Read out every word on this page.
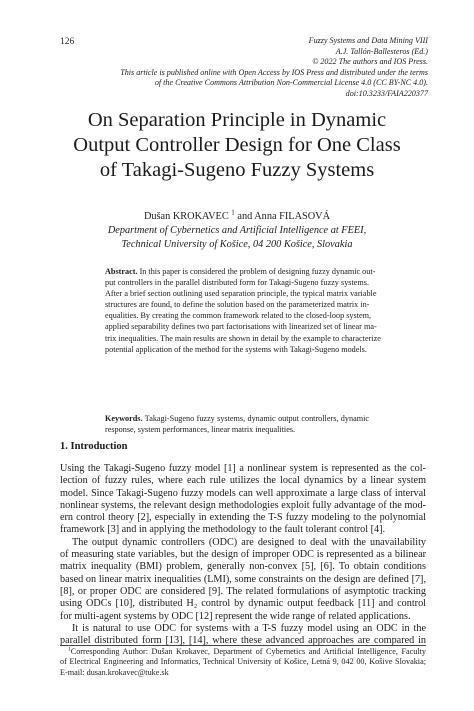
126	Fuzzy Systems and Data Mining VIII
A.J. Tallón-Ballesteros (Ed.)
© 2022 The authors and IOS Press.
This article is published online with Open Access by IOS Press and distributed under the terms
of the Creative Commons Attribution Non-Commercial License 4.0 (CC BY-NC 4.0).
doi:10.3233/FAIA220377
On Separation Principle in Dynamic
Output Controller Design for One Class
of Takagi-Sugeno Fuzzy Systems
Dušan KROKAVEC $^1$ and Anna FILASOVÁ
Department of Cybernetics and Artificial Intelligence at FEEI,
Technical University of Košice, 04 200 Košice, Slovakia
Abstract. In this paper is considered the problem of designing fuzzy dynamic out-
put controllers in the parallel distributed form for Takagi-Sugeno fuzzy systems.
After a brief section outlining used separation principle, the typical matrix variable
structures are found, to define the solution based on the parameterized matrix in-
equalities. By creating the common framework related to the closed-loop system,
applied separability defines two part factorisations with linearized set of linear ma-
trix inequalities. The main results are shown in detail by the example to characterize
potential application of the method for the systems with Takagi-Sugeno models.
Keywords. Takagi-Sugeno fuzzy systems, dynamic output controllers, dynamic
response, system performances, linear matrix inequalities.
1. Introduction
Using the Takagi-Sugeno fuzzy model [1] a nonlinear system is represented as the col-
lection of fuzzy rules, where each rule utilizes the local dynamics by a linear system
model. Since Takagi-Sugeno fuzzy models can well approximate a large class of interval
nonlinear systems, the relevant design methodologies exploit fully advantage of the mod-
ern control theory [2], especially in extending the T-S fuzzy modeling to the polynomial
framework [3] and in applying the methodology to the fault tolerant control [4].
The output dynamic controllers (ODC) are designed to deal with the unavailability
of measuring state variables, but the design of improper ODC is represented as a bilinear
matrix inequality (BMI) problem, generally non-convex [5], [6]. To obtain conditions
based on linear matrix inequalities (LMI), some constraints on the design are defined [7],
[8], or proper ODC are considered [9]. The related formulations of asymptotic tracking
using ODCs [10], distributed H₂ control by dynamic output feedback [11] and control
for multi-agent systems by ODC [12] represent the wide range of related applications.
It is natural to use ODC for systems with a T-S fuzzy model using an ODC in the
parallel distributed form [13], [14], where these advanced approaches are compared in
$^1$Corresponding Author: Dušan Krokavec, Department of Cybernetics and Artificial Intelligence, Faculty
of Electrical Engineering and Informatics, Technical University of Košice, Letná 9, 042 00, Košive Slovakia;
E-mail: dusan.krokavec@tuke.sk
